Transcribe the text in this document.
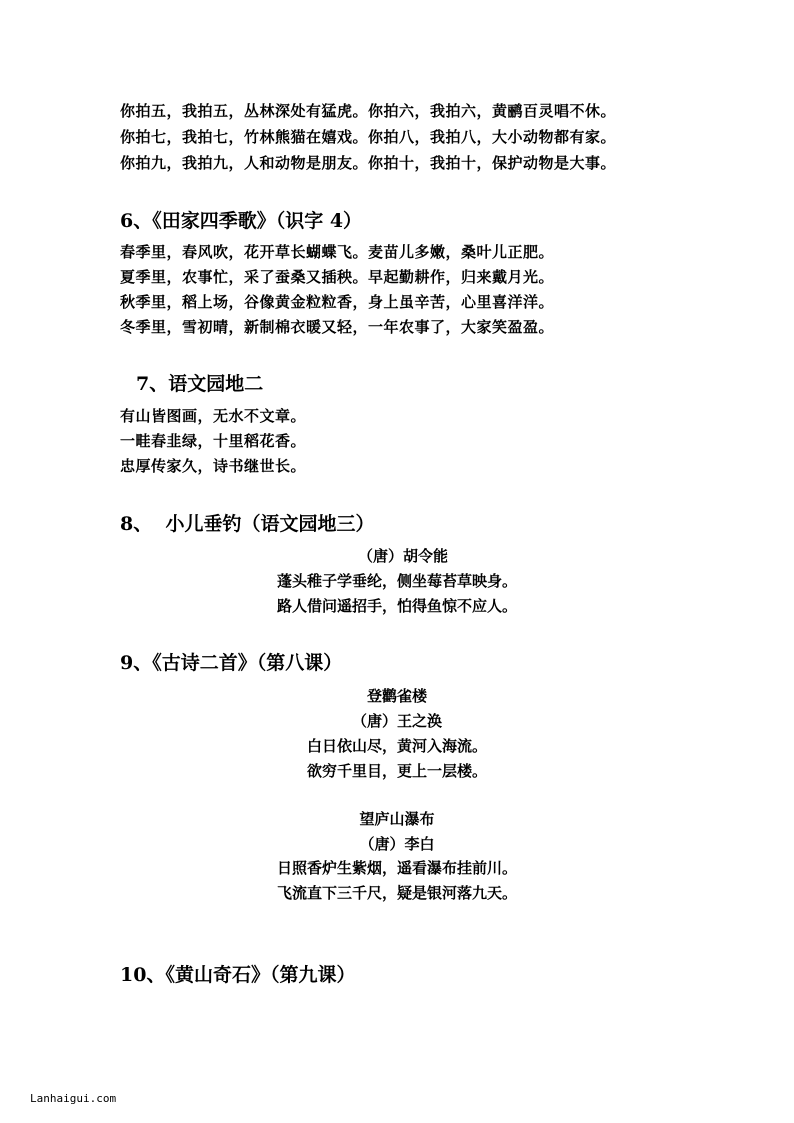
你拍五，我拍五，丛林深处有猛虎。你拍六，我拍六，黄鹂百灵唱不休。
你拍七，我拍七，竹林熊猫在嬉戏。你拍八，我拍八，大小动物都有家。
你拍九，我拍九，人和动物是朋友。你拍十，我拍十，保护动物是大事。
6、《田家四季歌》（识字 4）
春季里，春风吹，花开草长蝴蝶飞。麦苗儿多嫩，桑叶儿正肥。
夏季里，农事忙，采了蚕桑又插秧。早起勤耕作，归来戴月光。
秋季里，稻上场，谷像黄金粒粒香，身上虽辛苦，心里喜洋洋。
冬季里，雪初晴，新制棉衣暖又轻，一年农事了，大家笑盈盈。
7、语文园地二
有山皆图画，无水不文章。
一畦春韭绿，十里稻花香。
忠厚传家久，诗书继世长。
8、  小儿垂钓（语文园地三）
（唐）胡令能
蓬头稚子学垂纶，侧坐莓苔草映身。
路人借问遥招手，怕得鱼惊不应人。
9、《古诗二首》（第八课）
登鹳雀楼
（唐）王之涣
白日依山尽，黄河入海流。
欲穷千里目，更上一层楼。
望庐山瀑布
（唐）李白
日照香炉生紫烟，遥看瀑布挂前川。
飞流直下三千尺，疑是银河落九天。
10、《黄山奇石》（第九课）
Lanhaigui.com
